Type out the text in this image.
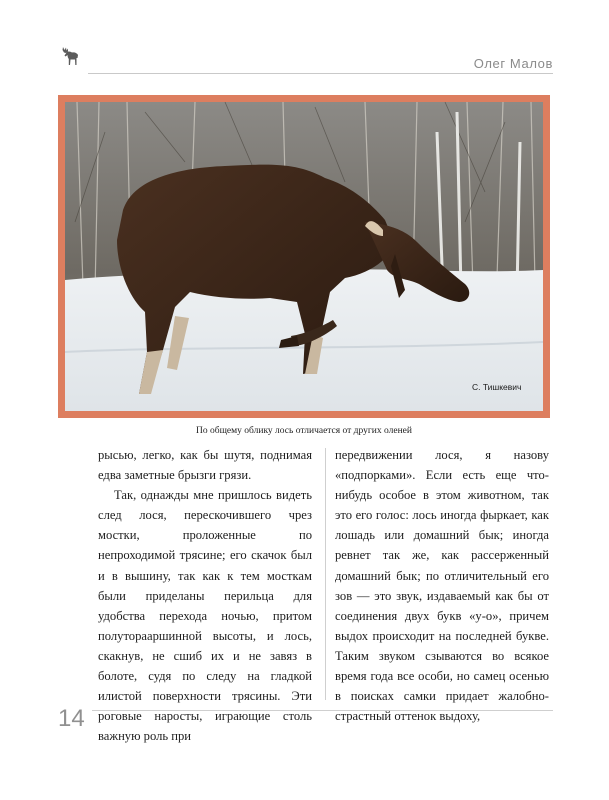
Олег Малов
С. Тишкевич
По общему облику лось отличается от других оленей

рысью, легко, как бы шутя, поднимая едва заметные брызги грязи.

Так, однажды мне пришлось видеть след лося, перескочившего чрез мостки, проложенные по непроходимой трясине; его скачок был и в вышину, так как к тем мосткам были приделаны перильца для удобства перехода ночью, притом полуторааршинной высоты, и лось, скакнув, не сшиб их и не завяз в болоте, судя по следу на гладкой илистой поверхности трясины. Эти роговые наросты, играющие столь важную роль при

передвижении лося, я назову «подпорками». Если есть еще что-нибудь особое в этом животном, так это его голос: лось иногда фыркает, как лошадь или домашний бык; иногда ревнет так же, как рассерженный домашний бык; по отличительный его зов — это звук, издаваемый как бы от соединения двух букв «у-о», причем выдох происходит на последней букве. Таким звуком сзываются во всякое время года все особи, но самец осенью в поисках самки придает жалобно-страстный оттенок выдоху,

14
